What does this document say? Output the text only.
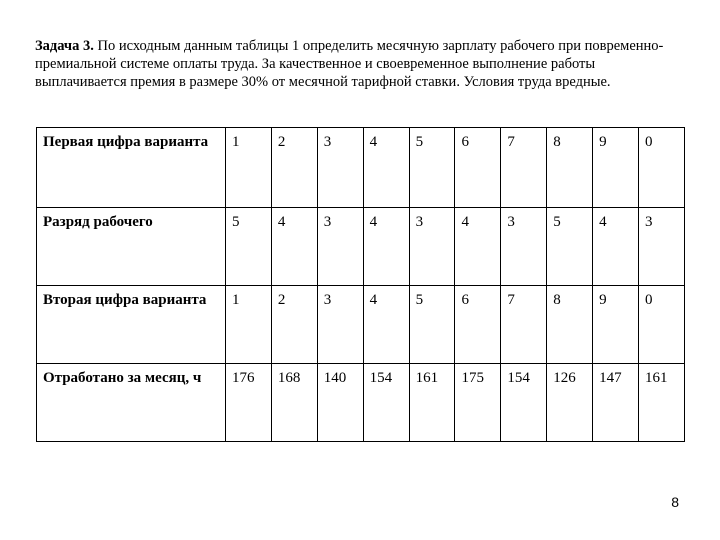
Задача 3. По исходным данным таблицы 1 определить месячную зарплату рабочего при повременно-премиальной системе оплаты труда. За качественное и своевременное выполнение работы выплачивается премия в размере 30% от месячной тарифной ставки. Условия труда вредные.
Первая цифра варианта	1	2	3	4	5	6	7	8	9	0
Разряд рабочего	5	4	3	4	3	4	3	5	4	3
Вторая цифра варианта	1	2	3	4	5	6	7	8	9	0
Отработано за месяц, ч	176	168	140	154	161	175	154	126	147	161
8
